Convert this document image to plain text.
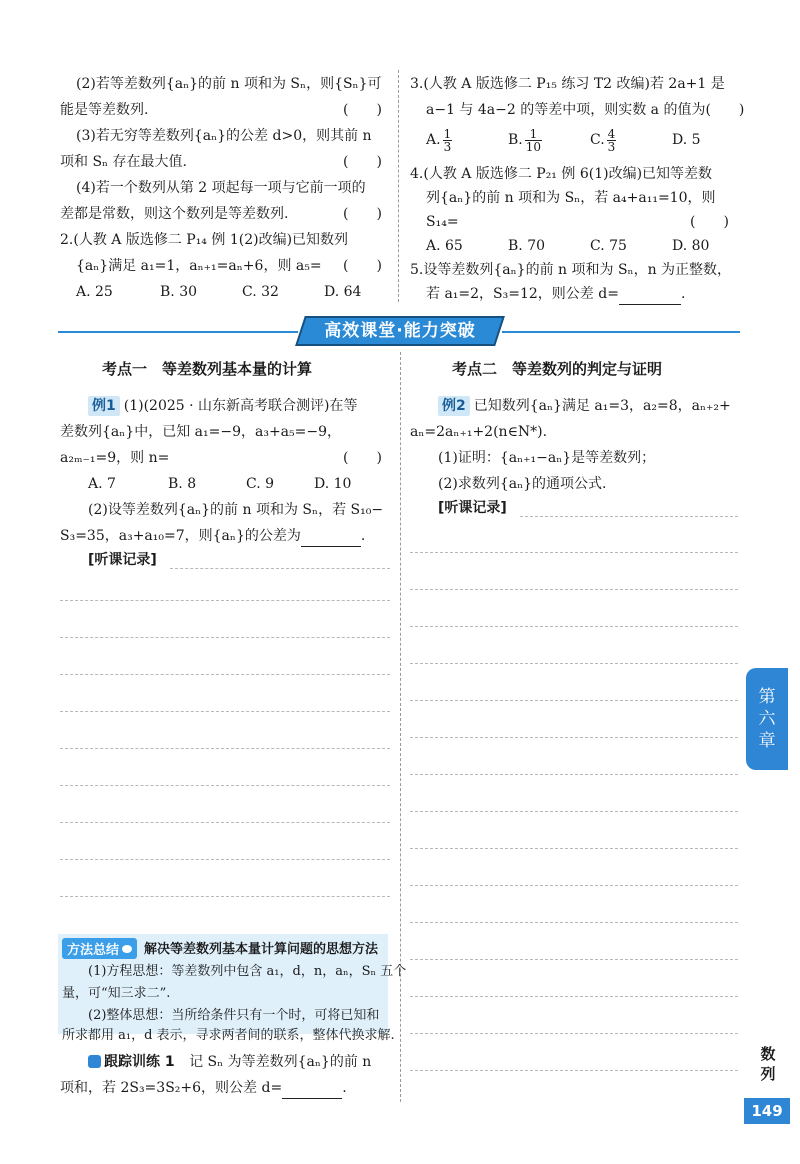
(2)若等差数列{aₙ}的前 n 项和为 Sₙ，则{Sₙ}可
能是等差数列.	(　　)
(3)若无穷等差数列{aₙ}的公差 d>0，则其前 n
项和 Sₙ 存在最大值.	(　　)
(4)若一个数列从第 2 项起每一项与它前一项的
差都是常数，则这个数列是等差数列.	(　　)
2.(人教 A 版选修二 P₁₄ 例 1(2)改编)已知数列
{aₙ}满足 a₁=1，aₙ₊₁=aₙ+6，则 a₅= (　　)
A. 25	B. 30	C. 32	D. 64
3.(人教 A 版选修二 P₁₅ 练习 T2 改编)若 2a+1 是
a−1 与 4a−2 的等差中项，则实数 a 的值为(　　)
A. $\frac{1}{3}$	B. $\frac{1}{10}$	C. $\frac{4}{3}$	D. 5
4.(人教 A 版选修二 P₂₁ 例 6(1)改编)已知等差数
列{aₙ}的前 n 项和为 Sₙ，若 a₄+a₁₁=10，则
S₁₄=	(　　)
A. 65	B. 70	C. 75	D. 80
5.设等差数列{aₙ}的前 n 项和为 Sₙ，n 为正整数，
若 a₁=2，S₃=12，则公差 d=	.
高效课堂·能力突破
考点一　等差数列基本量的计算	考点二　等差数列的判定与证明
例1 (1)(2025 · 山东新高考联合测评)在等
差数列{aₙ}中，已知 a₁=−9，a₃+a₅=−9，
a₂ₘ₋₁=9，则 n=	(　　)
A. 7	B. 8	C. 9	D. 10
(2)设等差数列{aₙ}的前 n 项和为 Sₙ，若 S₁₀−
S₃=35，a₃+a₁₀=7，则{aₙ}的公差为	.
[听课记录]
方法总结	解决等差数列基本量计算问题的思想方法
(1)方程思想：等差数列中包含 a₁，d，n，aₙ，Sₙ 五个
量，可“知三求二”.
(2)整体思想：当所给条件只有一个时，可将已知和
所求都用 a₁，d 表示，寻求两者间的联系，整体代换求解.
跟踪训练 1 记 Sₙ 为等差数列{aₙ}的前 n
项和，若 2S₃=3S₂+6，则公差 d=	.
例2 已知数列{aₙ}满足 a₁=3，a₂=8，aₙ₊₂+
aₙ=2aₙ₊₁+2(n∈N*).
(1)证明：{aₙ₊₁−aₙ}是等差数列；
(2)求数列{aₙ}的通项公式.
[听课记录]
第六章
数列
149
